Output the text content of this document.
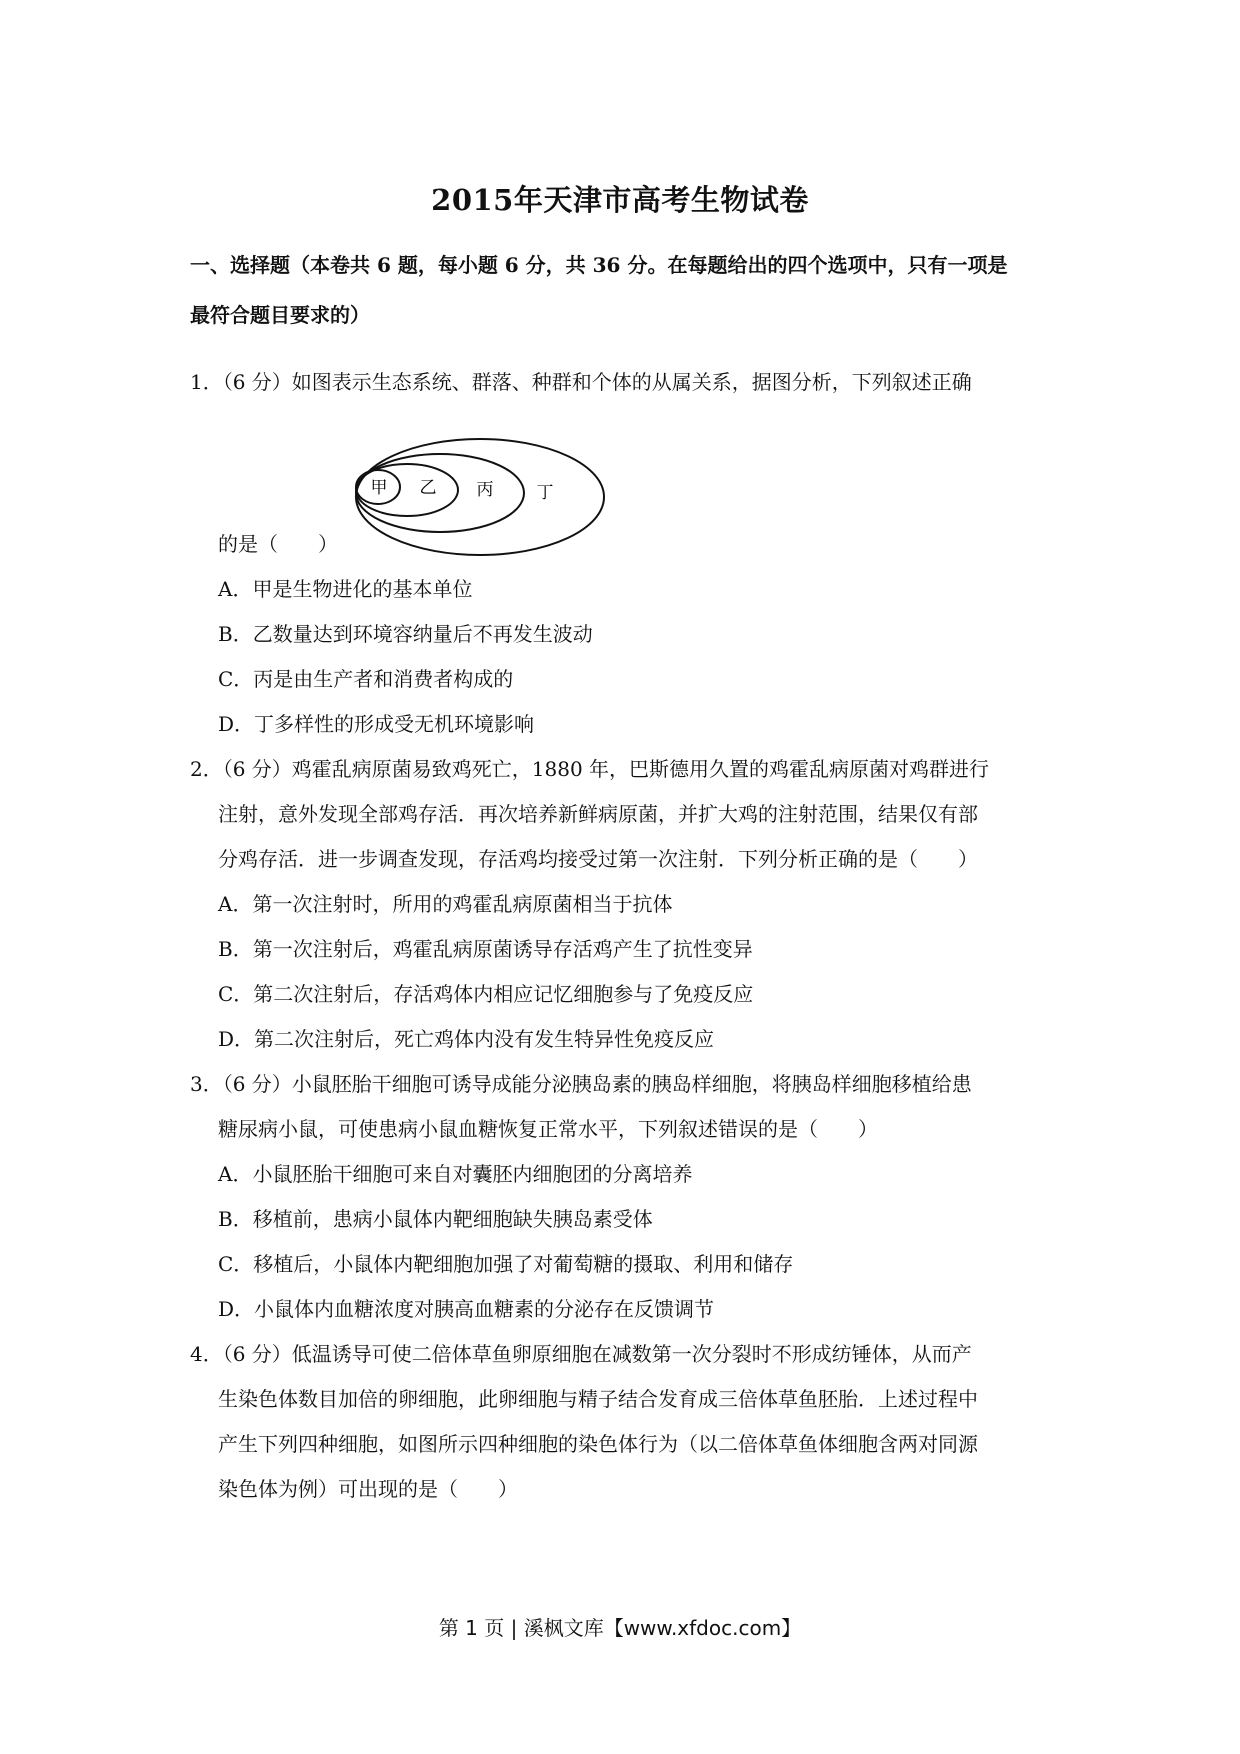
2015年天津市高考生物试卷
一、选择题（本卷共 6 题，每小题 6 分，共 36 分。在每题给出的四个选项中，只有一项是
最符合题目要求的）
1．（6 分）如图表示生态系统、群落、种群和个体的从属关系，据图分析，下列叙述正确
甲 乙 丙	丁
的是（　　）
A．甲是生物进化的基本单位
B．乙数量达到环境容纳量后不再发生波动
C．丙是由生产者和消费者构成的
D．丁多样性的形成受无机环境影响
2．（6 分）鸡霍乱病原菌易致鸡死亡，1880 年，巴斯德用久置的鸡霍乱病原菌对鸡群进行
注射，意外发现全部鸡存活．再次培养新鲜病原菌，并扩大鸡的注射范围，结果仅有部
分鸡存活．进一步调查发现，存活鸡均接受过第一次注射．下列分析正确的是（　　）
A．第一次注射时，所用的鸡霍乱病原菌相当于抗体
B．第一次注射后，鸡霍乱病原菌诱导存活鸡产生了抗性变异
C．第二次注射后，存活鸡体内相应记忆细胞参与了免疫反应
D．第二次注射后，死亡鸡体内没有发生特异性免疫反应
3．（6 分）小鼠胚胎干细胞可诱导成能分泌胰岛素的胰岛样细胞，将胰岛样细胞移植给患
糖尿病小鼠，可使患病小鼠血糖恢复正常水平，下列叙述错误的是（　　）
A．小鼠胚胎干细胞可来自对囊胚内细胞团的分离培养
B．移植前，患病小鼠体内靶细胞缺失胰岛素受体
C．移植后，小鼠体内靶细胞加强了对葡萄糖的摄取、利用和储存
D．小鼠体内血糖浓度对胰高血糖素的分泌存在反馈调节
4．（6 分）低温诱导可使二倍体草鱼卵原细胞在减数第一次分裂时不形成纺锤体，从而产
生染色体数目加倍的卵细胞，此卵细胞与精子结合发育成三倍体草鱼胚胎．上述过程中
产生下列四种细胞，如图所示四种细胞的染色体行为（以二倍体草鱼体细胞含两对同源
染色体为例）可出现的是（　　）
第 1 页 | 溪枫文库【www.xfdoc.com】
